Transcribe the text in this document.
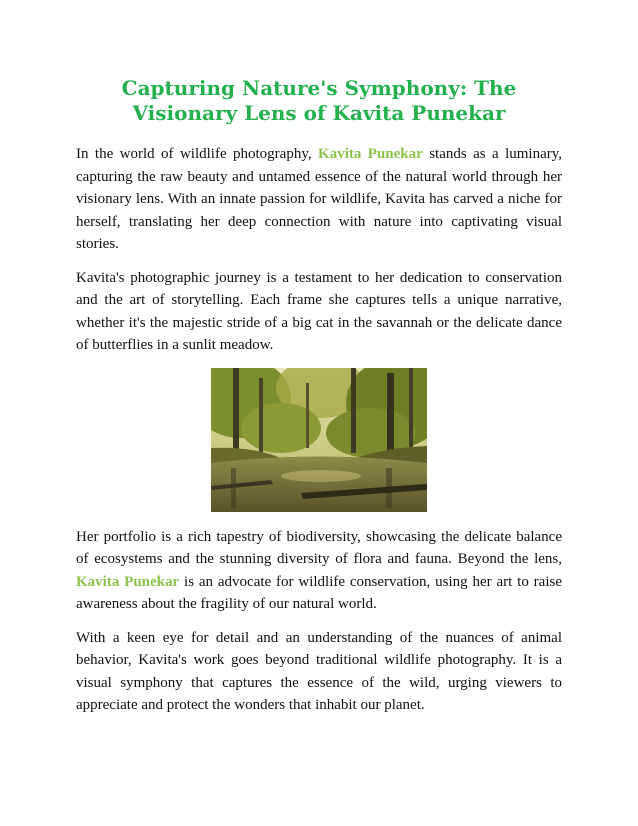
Capturing Nature's Symphony: The Visionary Lens of Kavita Punekar

In the world of wildlife photography, Kavita Punekar stands as a luminary, capturing the raw beauty and untamed essence of the natural world through her visionary lens. With an innate passion for wildlife, Kavita has carved a niche for herself, translating her deep connection with nature into captivating visual stories.

Kavita's photographic journey is a testament to her dedication to conservation and the art of storytelling. Each frame she captures tells a unique narrative, whether it's the majestic stride of a big cat in the savannah or the delicate dance of butterflies in a sunlit meadow.

Her portfolio is a rich tapestry of biodiversity, showcasing the delicate balance of ecosystems and the stunning diversity of flora and fauna. Beyond the lens, Kavita Punekar is an advocate for wildlife conservation, using her art to raise awareness about the fragility of our natural world.

With a keen eye for detail and an understanding of the nuances of animal behavior, Kavita's work goes beyond traditional wildlife photography. It is a visual symphony that captures the essence of the wild, urging viewers to appreciate and protect the wonders that inhabit our planet.
